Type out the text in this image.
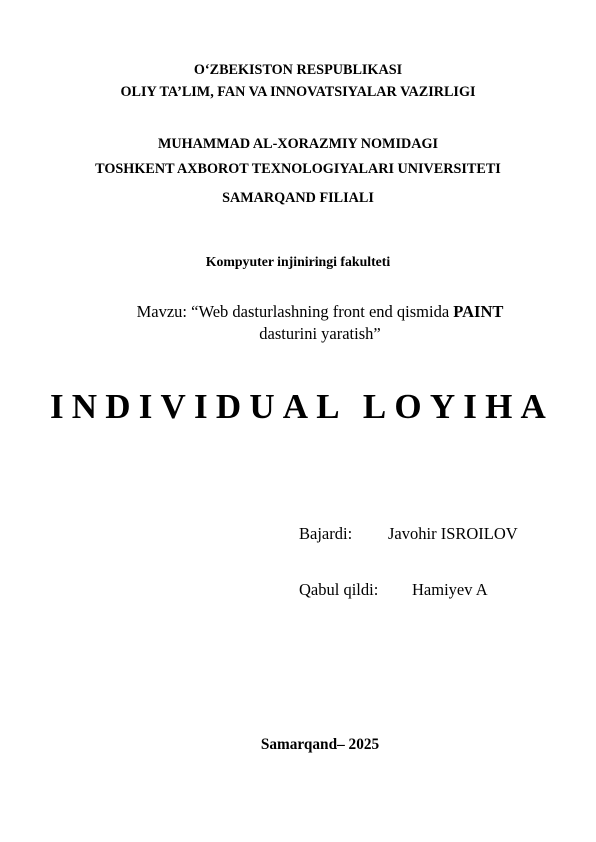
O‘ZBEKISTON RESPUBLIKASI
OLIY TA’LIM, FAN VA INNOVATSIYALAR VAZIRLIGI
MUHAMMAD AL-XORAZMIY NOMIDAGI
TOSHKENT AXBOROT TEXNOLOGIYALARI UNIVERSITETI
SAMARQAND FILIALI
Kompyuter injiniringi fakulteti
Mavzu: “Web dasturlashning front end qismida PAINT
dasturini yaratish”
INDIVIDUAL LOYIHA
Bajardi: Javohir ISROILOV
Qabul qildi: Hamiyev A
Samarqand– 2025
